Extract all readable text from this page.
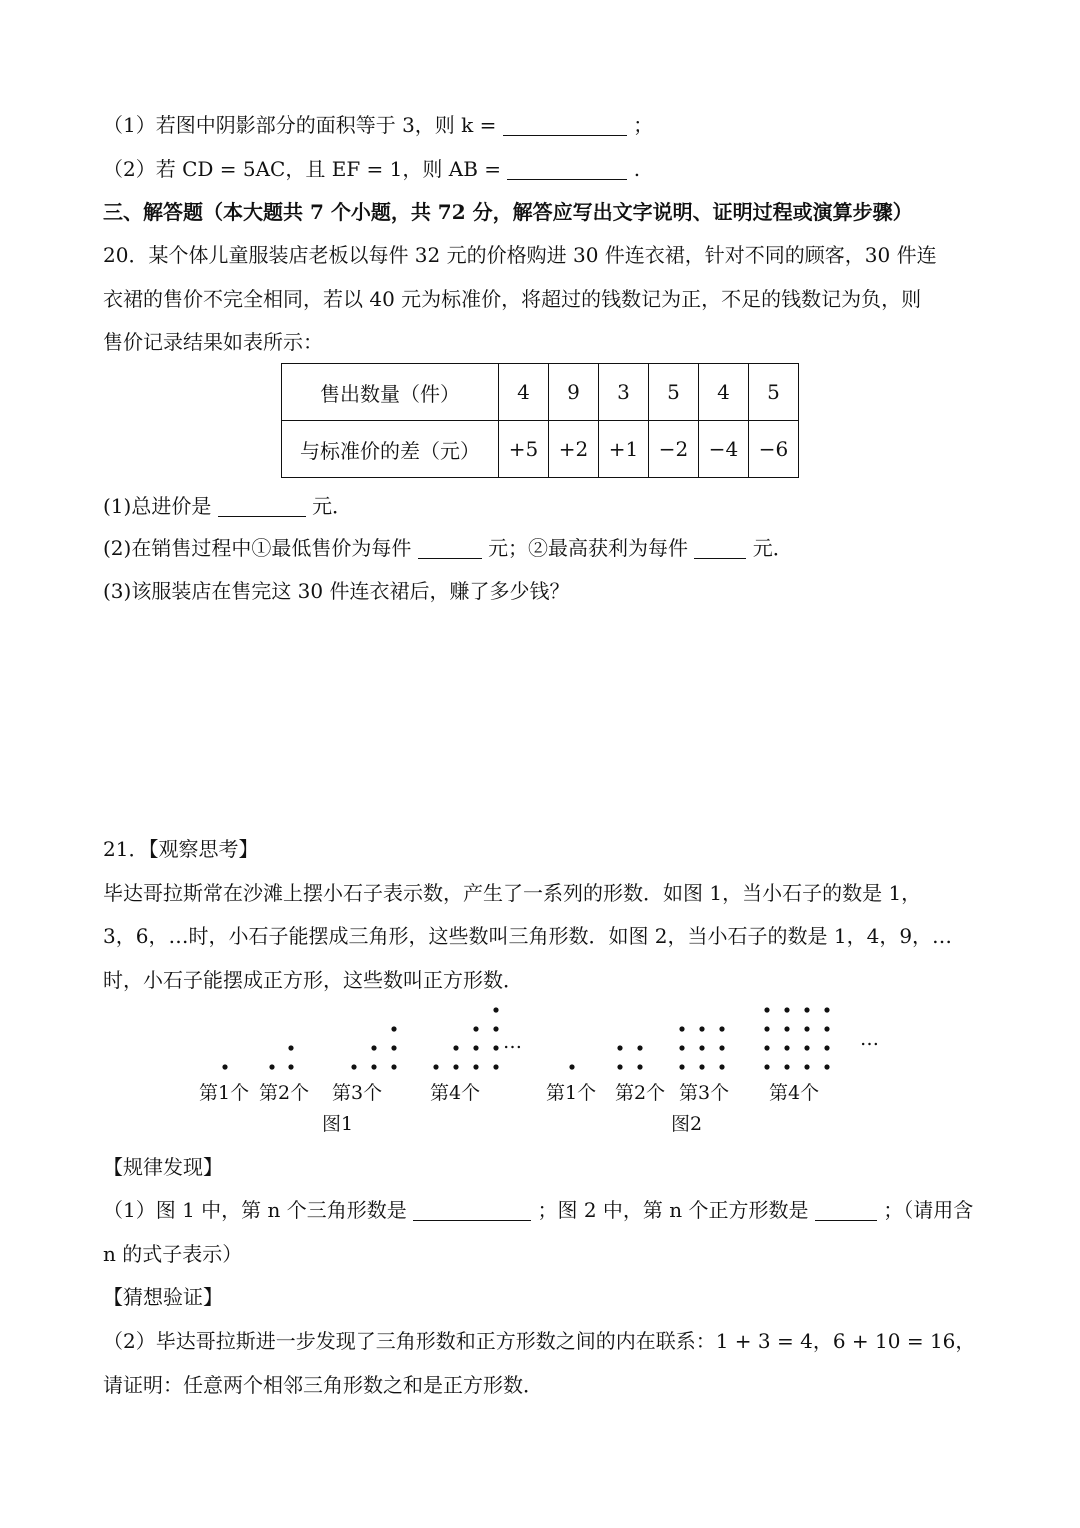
（1）若图中阴影部分的面积等于 3，则 k =	；
（2）若 CD = 5AC，且 EF = 1，则 AB =	.
三、解答题（本大题共 7 个小题，共 72 分，解答应写出文字说明、证明过程或演算步骤）
20．某个体儿童服装店老板以每件 32 元的价格购进 30 件连衣裙，针对不同的顾客，30 件连
衣裙的售价不完全相同，若以 40 元为标准价，将超过的钱数记为正，不足的钱数记为负，则
售价记录结果如表所示：
售出数量（件）	4	9	3	5	4	5
与标准价的差（元）	+5	+2	+1	−2	−4	−6
(1)总进价是	元．
(2)在销售过程中①最低售价为每件	元；②最高获利为每件	元．
(3)该服装店在售完这 30 件连衣裙后，赚了多少钱？
21．【观察思考】
毕达哥拉斯常在沙滩上摆小石子表示数，产生了一系列的形数．如图 1，当小石子的数是 1，
3，6，…时，小石子能摆成三角形，这些数叫三角形数．如图 2，当小石子的数是 1，4，9，…
时，小石子能摆成正方形，这些数叫正方形数．
…	…
第1个 第2个 第3个	第4个
图1
第1个 第2个 第3个 第4个
图2
【规律发现】
（1）图 1 中，第 n 个三角形数是	；图 2 中，第 n 个正方形数是	；（请用含
n 的式子表示）
【猜想验证】
（2）毕达哥拉斯进一步发现了三角形数和正方形数之间的内在联系：1 + 3 = 4，6 + 10 = 16，
请证明：任意两个相邻三角形数之和是正方形数．
